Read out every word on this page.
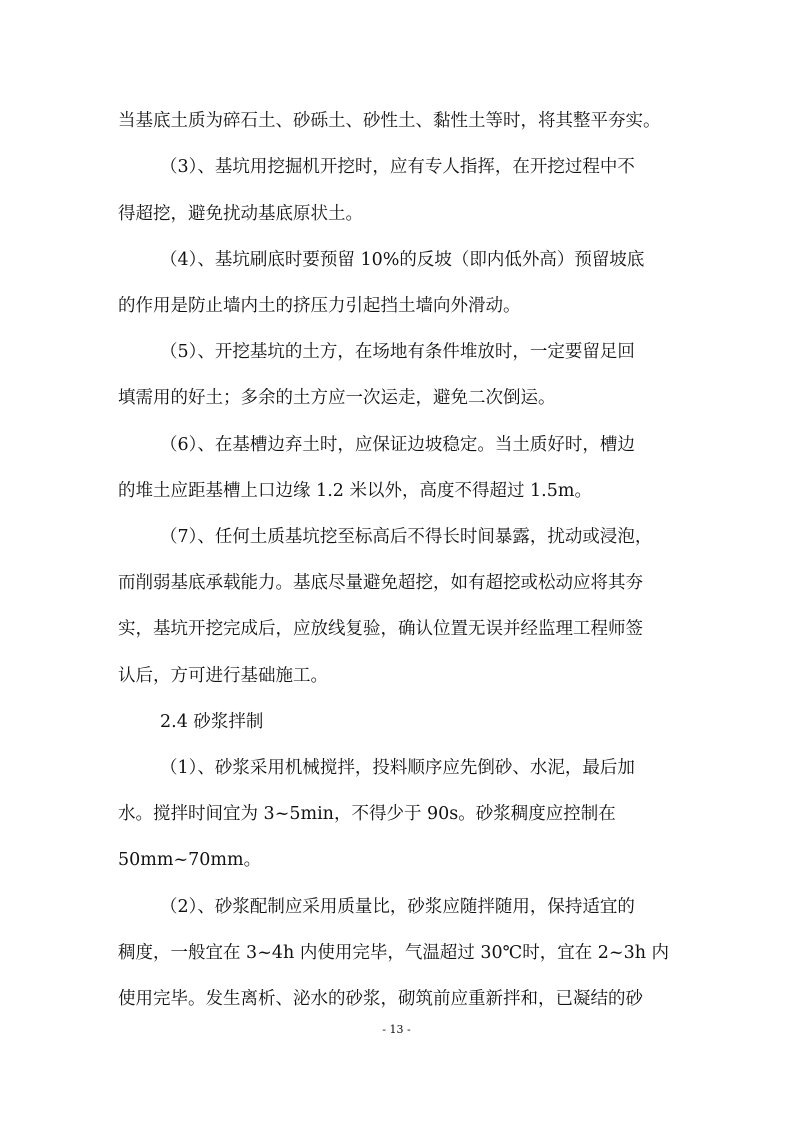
当基底土质为碎石土、砂砾土、砂性土、黏性土等时，将其整平夯实。
（3）、基坑用挖掘机开挖时，应有专人指挥，在开挖过程中不
得超挖，避免扰动基底原状土。
（4）、基坑刷底时要预留 10%的反坡（即内低外高）预留坡底
的作用是防止墙内土的挤压力引起挡土墙向外滑动。
（5）、开挖基坑的土方，在场地有条件堆放时，一定要留足回
填需用的好土；多余的土方应一次运走，避免二次倒运。
（6）、在基槽边弃土时，应保证边坡稳定。当土质好时，槽边
的堆土应距基槽上口边缘 1.2 米以外，高度不得超过 1.5m。
（7）、任何土质基坑挖至标高后不得长时间暴露，扰动或浸泡，
而削弱基底承载能力。基底尽量避免超挖，如有超挖或松动应将其夯
实，基坑开挖完成后，应放线复验，确认位置无误并经监理工程师签
认后，方可进行基础施工。
2.4 砂浆拌制
（1）、砂浆采用机械搅拌，投料顺序应先倒砂、水泥，最后加
水。搅拌时间宜为 3~5min，不得少于 90s。砂浆稠度应控制在
50mm~70mm。
（2）、砂浆配制应采用质量比，砂浆应随拌随用，保持适宜的
稠度，一般宜在 3~4h 内使用完毕，气温超过 30℃时，宜在 2~3h 内
使用完毕。发生离析、泌水的砂浆，砌筑前应重新拌和，已凝结的砂
- 13 -
